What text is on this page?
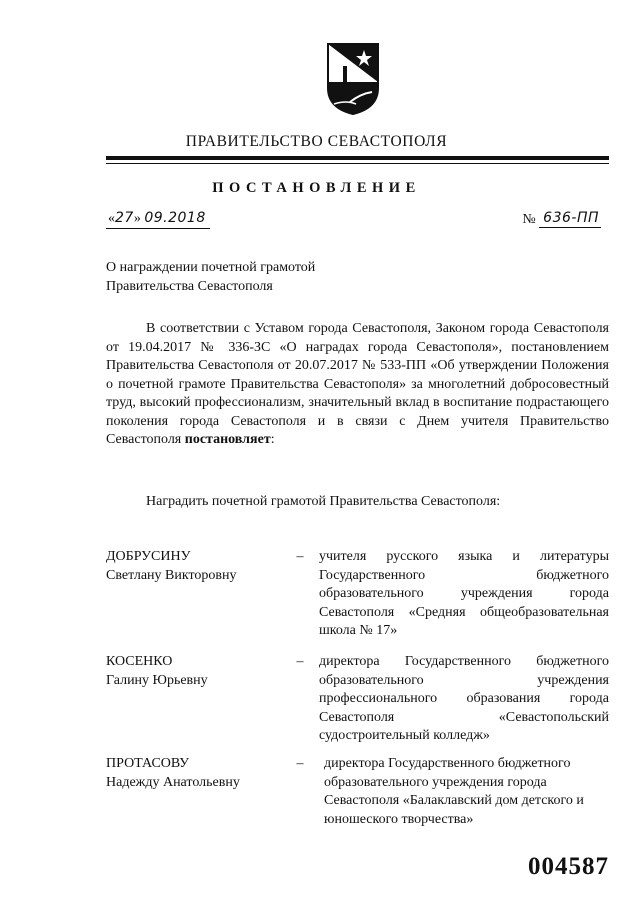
ПРАВИТЕЛЬСТВО СЕВАСТОПОЛЯ
ПОСТАНОВЛЕНИЕ
«27» 09.2018	№
636-ПП
О награждении почетной грамотой
Правительства Севастополя

В соответствии с Уставом города Севастополя, Законом города Севастополя от 19.04.2017 № 336-ЗС «О наградах города Севастополя», постановлением Правительства Севастополя от 20.07.2017 № 533-ПП «Об утверждении Положения о почетной грамоте Правительства Севастополя» за многолетний добросовестный труд, высокий профессионализм, значительный вклад в воспитание подрастающего поколения города Севастополя и в связи с Днем учителя Правительство Севастополя постановляет:

Наградить почетной грамотой Правительства Севастополя:
ДОБРУСИНУ
Светлану Викторовну
–	учителя русского языка и литературы Государственного бюджетного образовательного учреждения города Севастополя «Средняя общеобразовательная школа № 17»
КОСЕНКО
Галину Юрьевну
–	директора Государственного бюджетного образовательного учреждения профессионального образования города Севастополя «Севастопольский судостроительный колледж»
ПРОТАСОВУ
Надежду Анатольевну
–	директора Государственного бюджетного образовательного учреждения города Севастополя «Балаклавский дом детского и юношеского творчества»
004587
